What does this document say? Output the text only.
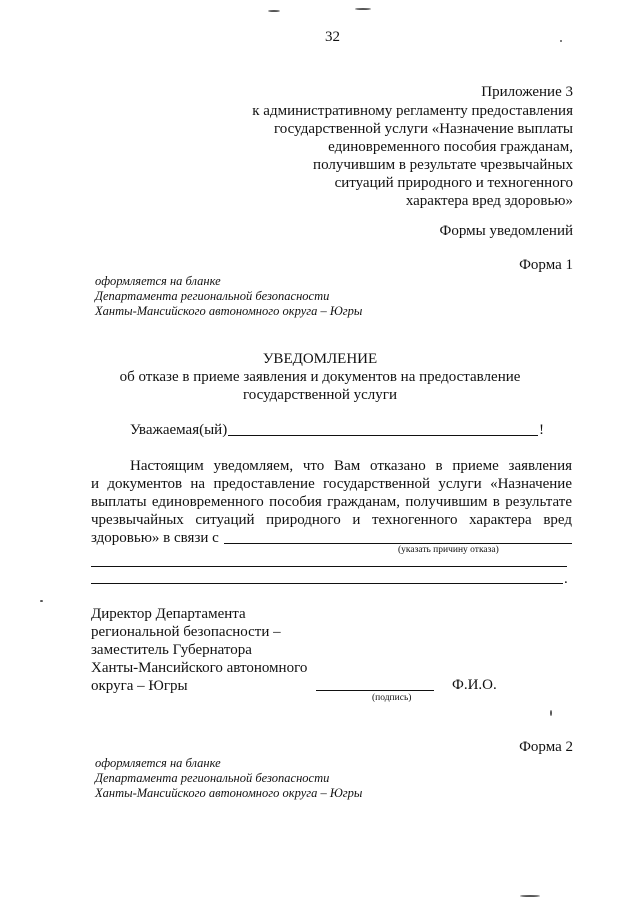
32
Приложение 3
к административному регламенту предоставления
государственной услуги «Назначение выплаты
единовременного пособия гражданам,
получившим в результате чрезвычайных
ситуаций природного и техногенного
характера вред здоровью»
Формы уведомлений
Форма 1
оформляется на бланке
Департамента региональной безопасности
Ханты-Мансийского автономного округа – Югры
УВЕДОМЛЕНИЕ
об отказе в приеме заявления и документов на предоставление
государственной услуги
Уважаемая(ый)	!
Настоящим уведомляем, что Вам отказано в приеме заявления
и документов на предоставление государственной услуги «Назначение
выплаты единовременного пособия гражданам, получившим в результате
чрезвычайных ситуаций природного и техногенного характера вред
здоровью» в связи с
(указать причину отказа)
.
Директор Департамента
региональной безопасности –
заместитель Губернатора
Ханты-Мансийского автономного
округа – Югры
(подпись)
Ф.И.О.
Форма 2
оформляется на бланке
Департамента региональной безопасности
Ханты-Мансийского автономного округа – Югры
